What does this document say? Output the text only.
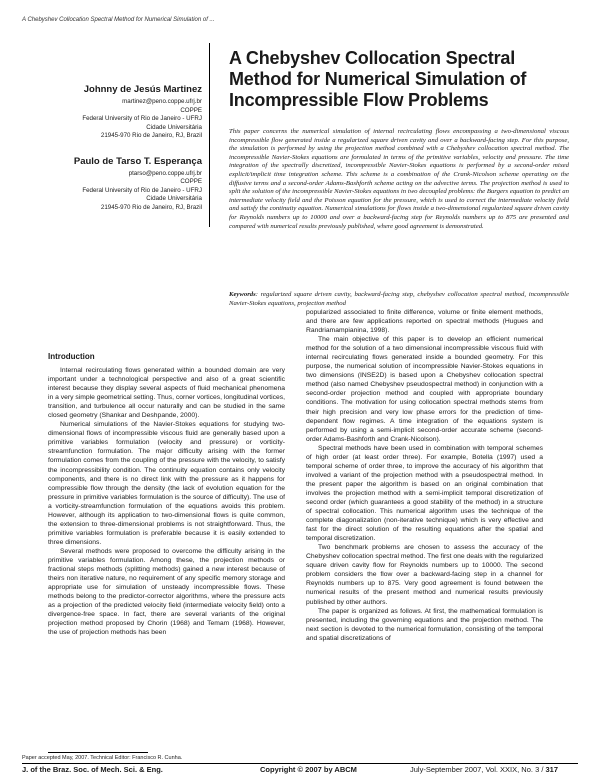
A Chebyshev Collocation Spectral Method for Numerical Simulation of ...
Johnny de Jesús Martinez
martinez@peno.coppe.ufrj.br
COPPE
Federal University of Rio de Janeiro - UFRJ
Cidade Universitária
21945-970 Rio de Janeiro, RJ, Brazil
Paulo de Tarso T. Esperança
ptarso@peno.coppe.ufrj.br
COPPE
Federal University of Rio de Janeiro - UFRJ
Cidade Universitária
21945-970 Rio de Janeiro, RJ, Brazil
A Chebyshev Collocation Spectral Method for Numerical Simulation of Incompressible Flow Problems
This paper concerns the numerical simulation of internal recirculating flows encompassing a two-dimensional viscous incompressible flow generated inside a regularized square driven cavity and over a backward-facing step. For this purpose, the simulation is performed by using the projection method combined with a Chebyshev collocation spectral method. The incompressible Navier-Stokes equations are formulated in terms of the primitive variables, velocity and pressure. The time integration of the spectrally discretized, incompressible Navier-Stokes equations is performed by a second-order mixed explicit/implicit time integration scheme. This scheme is a combination of the Crank-Nicolson scheme operating on the diffusive terms and a second-order Adams-Bashforth scheme acting on the advective terms. The projection method is used to split the solution of the incompressible Navier-Stokes equations in two decoupled problems: the Burgers equation to predict an intermediate velocity field and the Poisson equation for the pressure, which is used to correct the intermediate velocity field and satisfy the continuity equation. Numerical simulations for flows inside a two-dimensional regularized square driven cavity for Reynolds numbers up to 10000 and over a backward-facing step for Reynolds numbers up to 875 are presented and compared with numerical results previously published, where good agreement is demonstrated.
Keywords: regularized square driven cavity, backward-facing step, chebyshev collocation spectral method, incompressible Navier-Stokes equations, projection method
Introduction

Internal recirculating flows generated within a bounded domain are very important under a technological perspective and also of a great scientific interest because they display several aspects of fluid mechanical phenomena in a very simple geometrical setting. Thus, corner vortices, longitudinal vortices, transition, and turbulence all occur naturally and can be studied in the same closed geometry (Shankar and Deshpande, 2000).

Numerical simulations of the Navier-Stokes equations for studying two-dimensional flows of incompressible viscous fluid are generally based upon a primitive variables formulation (velocity and pressure) or vorticity-streamfunction formulation. The major difficulty arising with the former formulation comes from the coupling of the pressure with the velocity, to satisfy the incompressibility condition. The continuity equation contains only velocity components, and there is no direct link with the pressure as it happens for compressible flow through the density (the lack of evolution equation for the pressure in primitive variables formulation is the source of difficulty). The use of a vorticity-streamfunction formulation of the equations avoids this problem. However, although its application to two-dimensional flows is quite common, the extension to three-dimensional problems is not straightforward. Thus, the primitive variables formulation is preferable because it is easily extended to three dimensions.

Several methods were proposed to overcome the difficulty arising in the primitive variables formulation. Among these, the projection methods or fractional steps methods (splitting methods) gained a new interest because of theirs non iterative nature, no requirement of any specific memory storage and appropriate use for simulation of unsteady incompressible flows. These methods belong to the predictor-corrector algorithms, where the pressure acts as a projection of the predicted velocity field (intermediate velocity field) onto a divergence-free space. In fact, there are several variants of the original projection method proposed by Chorin (1968) and Temam (1968). However, the use of projection methods has been

popularized associated to finite difference, volume or finite element methods, and there are few applications reported on spectral methods (Hugues and Randriamampianina, 1998).

The main objective of this paper is to develop an efficient numerical method for the solution of a two dimensional incompressible viscous fluid with internal recirculating flows generated inside a bounded geometry. For this purpose, the numerical solution of incompressible Navier-Stokes equations in two dimensions (INSE2D) is based upon a Chebyshev collocation spectral method (also named Chebyshev pseudospectral method) in conjunction with a second-order projection method and coupled with appropriate boundary conditions. The motivation for using collocation spectral methods stems from their high precision and very low phase errors for the prediction of time-dependent flow regimes. A time integration of the equations system is performed by using a semi-implicit second-order accurate scheme (second-order Adams-Bashforth and Crank-Nicolson).

Spectral methods have been used in combination with temporal schemes of high order (at least order three). For example, Botella (1997) used a temporal scheme of order three, to improve the accuracy of his algorithm that involved a variant of the projection method with a pseudospectral method. In the present paper the algorithm is based on an original combination that involves the projection method with a semi-implicit temporal discretization of second order (which guarantees a good stability of the method) in a structure of spectral collocation. This numerical algorithm uses the technique of the complete diagonalization (non-iterative technique) which is very effective and fast for the direct solution of the resulting equations after the spatial and temporal discretization.

Two benchmark problems are chosen to assess the accuracy of the Chebyshev collocation spectral method. The first one deals with the regularized square driven cavity flow for Reynolds numbers up to 10000. The second problem considers the flow over a backward-facing step in a channel for Reynolds numbers up to 875. Very good agreement is found between the numerical results of the present method and numerical results previously published by other authors.

The paper is organized as follows. At first, the mathematical formulation is presented, including the governing equations and the projection method. The next section is devoted to the numerical formulation, consisting of the temporal and spatial discretizations of

Paper accepted May, 2007. Technical Editor: Francisco R. Cunha.
J. of the Braz. Soc. of Mech. Sci. & Eng.	Copyright © 2007 by ABCM	July-September 2007, Vol. XXIX, No. 3 / 317
